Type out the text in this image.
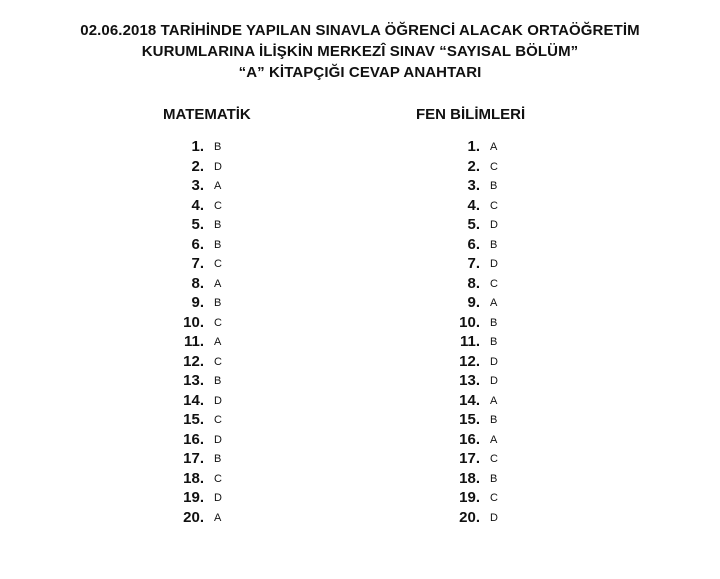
02.06.2018 TARİHİNDE YAPILAN SINAVLA ÖĞRENCİ ALACAK ORTAÖĞRETİM
KURUMLARINA İLİŞKİN MERKEZÎ SINAV “SAYISAL BÖLÜM”
“A” KİTAPÇIĞI CEVAP ANAHTARI
MATEMATİK	FEN BİLİMLERİ
1. B
2. D
3. A
4. C
5. B
6. B
7. C
8. A
9. B
10. C
11. A
12. C
13. B
14. D
15. C
16. D
17. B
18. C
19. D
20. A
1. A
2. C
3. B
4. C
5. D
6. B
7. D
8. C
9. A
10. B
11. B
12. D
13. D
14. A
15. B
16. A
17. C
18. B
19. C
20. D
